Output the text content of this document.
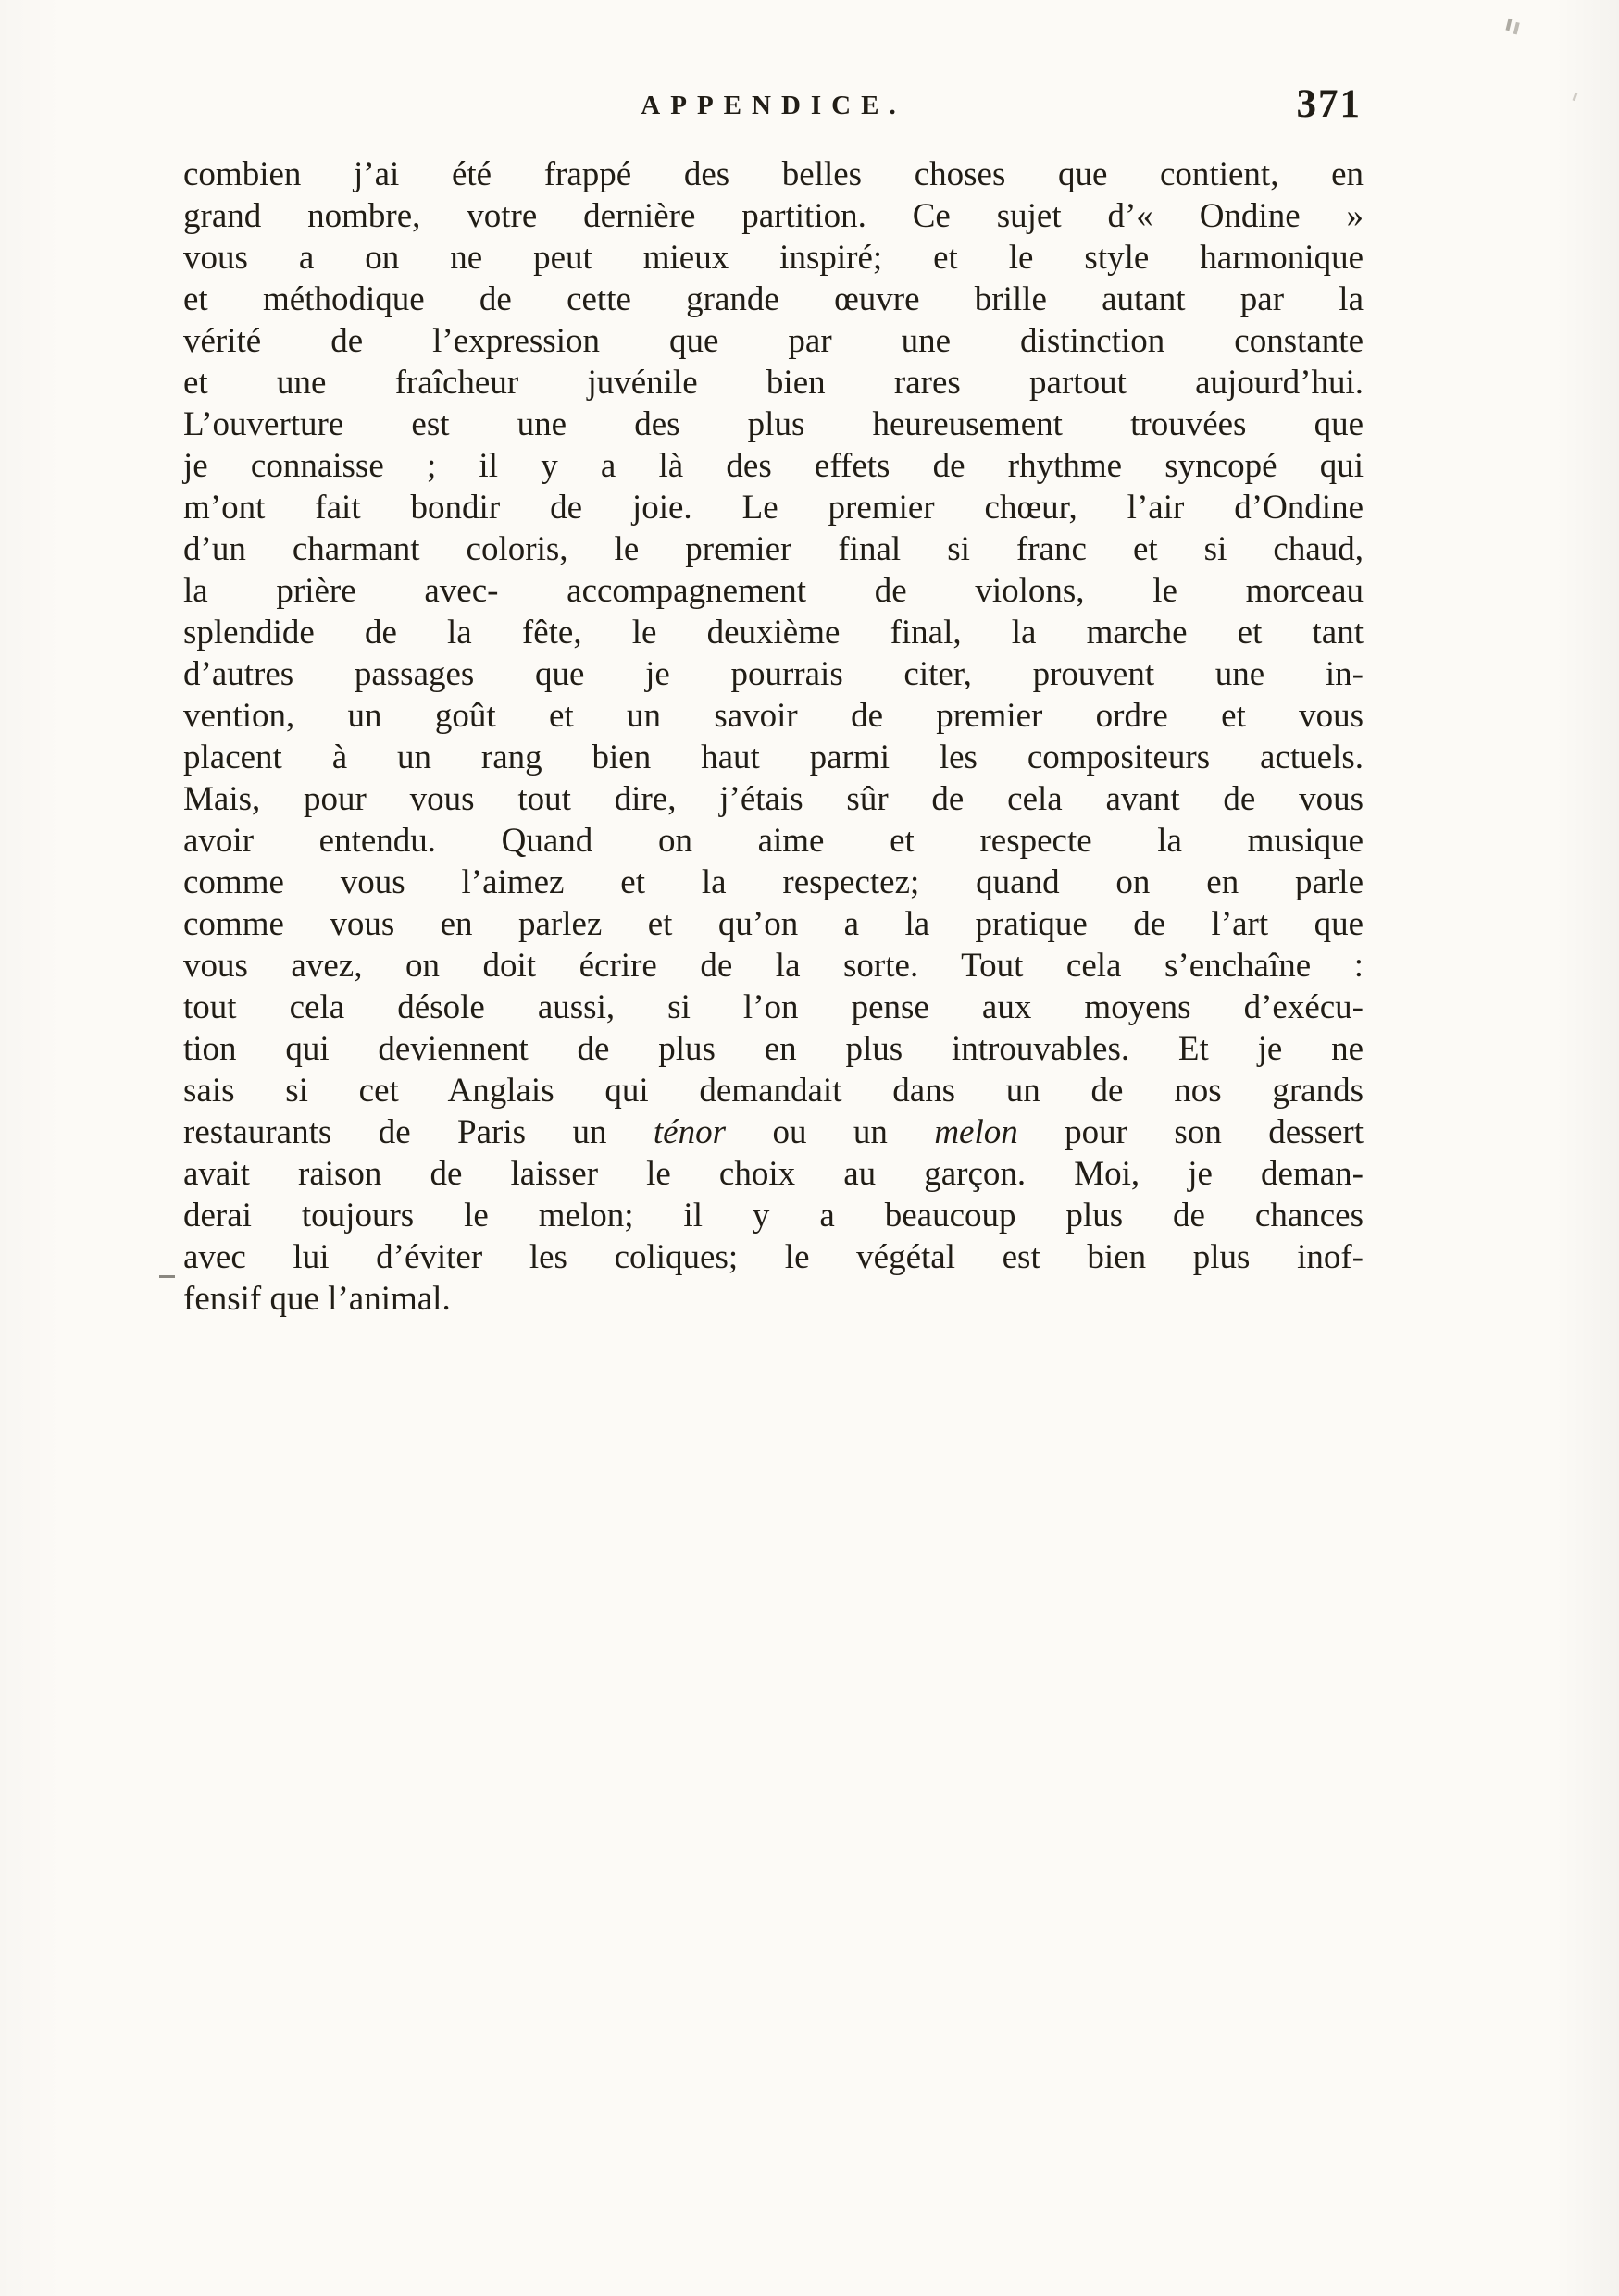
APPENDICE.	371
combien j’ai été frappé des belles choses que contient, en
grand nombre, votre dernière partition. Ce sujet d’« Ondine »
vous a on ne peut mieux inspiré; et le style harmonique
et méthodique de cette grande œuvre brille autant par la
vérité de l’expression que par une distinction constante
et une fraîcheur juvénile bien rares partout aujourd’hui.
L’ouverture est une des plus heureusement trouvées que
je connaisse ; il y a là des effets de rhythme syncopé qui
m’ont fait bondir de joie. Le premier chœur, l’air d’Ondine
d’un charmant coloris, le premier final si franc et si chaud,
la prière avec- accompagnement de violons, le morceau
splendide de la fête, le deuxième final, la marche et tant
d’autres passages que je pourrais citer, prouvent une in-
vention, un goût et un savoir de premier ordre et vous
placent à un rang bien haut parmi les compositeurs actuels.
Mais, pour vous tout dire, j’étais sûr de cela avant de vous
avoir entendu. Quand on aime et respecte la musique
comme vous l’aimez et la respectez; quand on en parle
comme vous en parlez et qu’on a la pratique de l’art que
vous avez, on doit écrire de la sorte. Tout cela s’enchaîne :
tout cela désole aussi, si l’on pense aux moyens d’exécu-
tion qui deviennent de plus en plus introuvables. Et je ne
sais si cet Anglais qui demandait dans un de nos grands
restaurants de Paris un ténor ou un melon pour son dessert
avait raison de laisser le choix au garçon. Moi, je deman-
derai toujours le melon; il y a beaucoup plus de chances
avec lui d’éviter les coliques; le végétal est bien plus inof-
fensif que l’animal.
